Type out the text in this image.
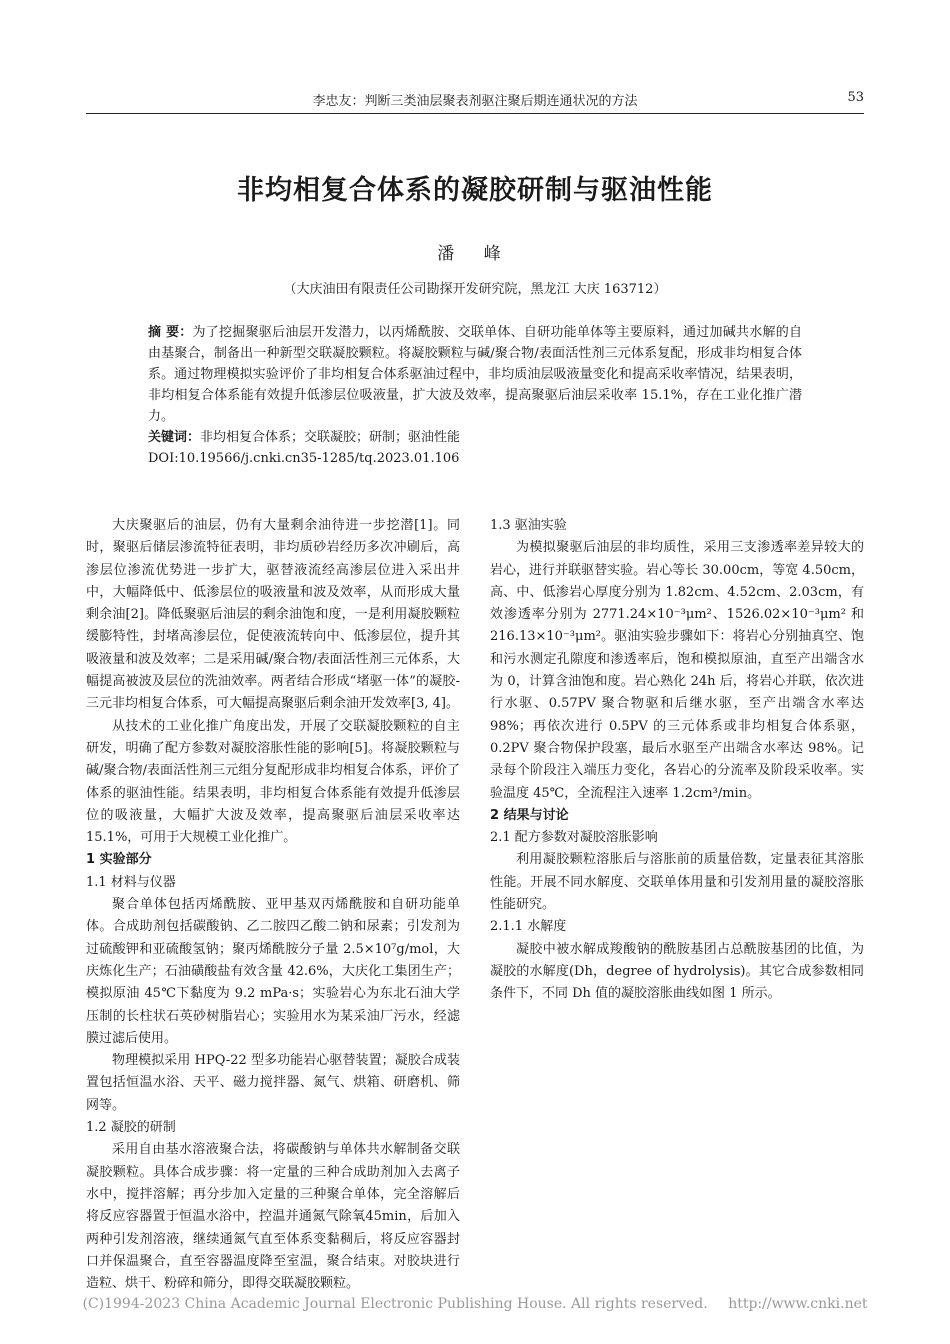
李忠友：判断三类油层聚表剂驱注聚后期连通状况的方法	53
非均相复合体系的凝胶研制与驱油性能
潘 峰
（大庆油田有限责任公司勘探开发研究院，黑龙江 大庆 163712）

摘 要：为了挖掘聚驱后油层开发潜力，以丙烯酰胺、交联单体、自研功能单体等主要原料，通过加碱共水解的自由基聚合，制备出一种新型交联凝胶颗粒。将凝胶颗粒与碱/聚合物/表面活性剂三元体系复配，形成非均相复合体系。通过物理模拟实验评价了非均相复合体系驱油过程中，非均质油层吸液量变化和提高采收率情况，结果表明，非均相复合体系能有效提升低渗层位吸液量，扩大波及效率，提高聚驱后油层采收率 15.1%，存在工业化推广潜力。

关键词：非均相复合体系；交联凝胶；研制；驱油性能

DOI:10.19566/j.cnki.cn35-1285/tq.2023.01.106

大庆聚驱后的油层，仍有大量剩余油待进一步挖潜[1]。同时，聚驱后储层渗流特征表明，非均质砂岩经历多次冲刷后，高渗层位渗流优势进一步扩大，驱替液流经高渗层位进入采出井中，大幅降低中、低渗层位的吸液量和波及效率，从而形成大量剩余油[2]。降低聚驱后油层的剩余油饱和度，一是利用凝胶颗粒缓膨特性，封堵高渗层位，促使液流转向中、低渗层位，提升其吸液量和波及效率；二是采用碱/聚合物/表面活性剂三元体系，大幅提高被波及层位的洗油效率。两者结合形成“堵驱一体”的凝胶-三元非均相复合体系，可大幅提高聚驱后剩余油开发效率[3, 4]。

从技术的工业化推广角度出发，开展了交联凝胶颗粒的自主研发，明确了配方参数对凝胶溶胀性能的影响[5]。将凝胶颗粒与碱/聚合物/表面活性剂三元组分复配形成非均相复合体系，评价了体系的驱油性能。结果表明，非均相复合体系能有效提升低渗层位的吸液量，大幅扩大波及效率，提高聚驱后油层采收率达 15.1%，可用于大规模工业化推广。

1 实验部分
1.1 材料与仪器

聚合单体包括丙烯酰胺、亚甲基双丙烯酰胺和自研功能单体。合成助剂包括碳酸钠、乙二胺四乙酸二钠和尿素；引发剂为过硫酸钾和亚硫酸氢钠；聚丙烯酰胺分子量 2.5×10⁷g/mol，大庆炼化生产；石油磺酸盐有效含量 42.6%，大庆化工集团生产；模拟原油 45℃下黏度为 9.2 mPa·s；实验岩心为东北石油大学压制的长柱状石英砂树脂岩心；实验用水为某采油厂污水，经滤膜过滤后使用。

物理模拟采用 HPQ-22 型多功能岩心驱替装置；凝胶合成装置包括恒温水浴、天平、磁力搅拌器、氮气、烘箱、研磨机、筛网等。

1.2 凝胶的研制

采用自由基水溶液聚合法，将碳酸钠与单体共水解制备交联凝胶颗粒。具体合成步骤：将一定量的三种合成助剂加入去离子水中，搅拌溶解；再分步加入定量的三种聚合单体，完全溶解后将反应容器置于恒温水浴中，控温并通氮气除氧45min，后加入两种引发剂溶液，继续通氮气直至体系变黏稠后，将反应容器封口并保温聚合，直至容器温度降至室温，聚合结束。对胶块进行造粒、烘干、粉碎和筛分，即得交联凝胶颗粒。

1.3 驱油实验

为模拟聚驱后油层的非均质性，采用三支渗透率差异较大的岩心，进行并联驱替实验。岩心等长 30.00cm，等宽 4.50cm，高、中、低渗岩心厚度分别为 1.82cm、4.52cm、2.03cm，有效渗透率分别为 2771.24×10⁻³μm²、1526.02×10⁻³μm² 和 216.13×10⁻³μm²。驱油实验步骤如下：将岩心分别抽真空、饱和污水测定孔隙度和渗透率后，饱和模拟原油，直至产出端含水为 0，计算含油饱和度。岩心熟化 24h 后，将岩心并联，依次进行水驱、0.57PV 聚合物驱和后继水驱，至产出端含水率达 98%；再依次进行 0.5PV 的三元体系或非均相复合体系驱，0.2PV 聚合物保护段塞，最后水驱至产出端含水率达 98%。记录每个阶段注入端压力变化，各岩心的分流率及阶段采收率。实验温度 45℃，全流程注入速率 1.2cm³/min。

2 结果与讨论
2.1 配方参数对凝胶溶胀影响

利用凝胶颗粒溶胀后与溶胀前的质量倍数，定量表征其溶胀性能。开展不同水解度、交联单体用量和引发剂用量的凝胶溶胀性能研究。

2.1.1 水解度

凝胶中被水解成羧酸钠的酰胺基团占总酰胺基团的比值，为凝胶的水解度(Dh，degree of hydrolysis)。其它合成参数相同条件下，不同 Dh 值的凝胶溶胀曲线如图 1 所示。

(C)1994-2023 China Academic Journal Electronic Publishing House. All rights reserved. http://www.cnki.net
